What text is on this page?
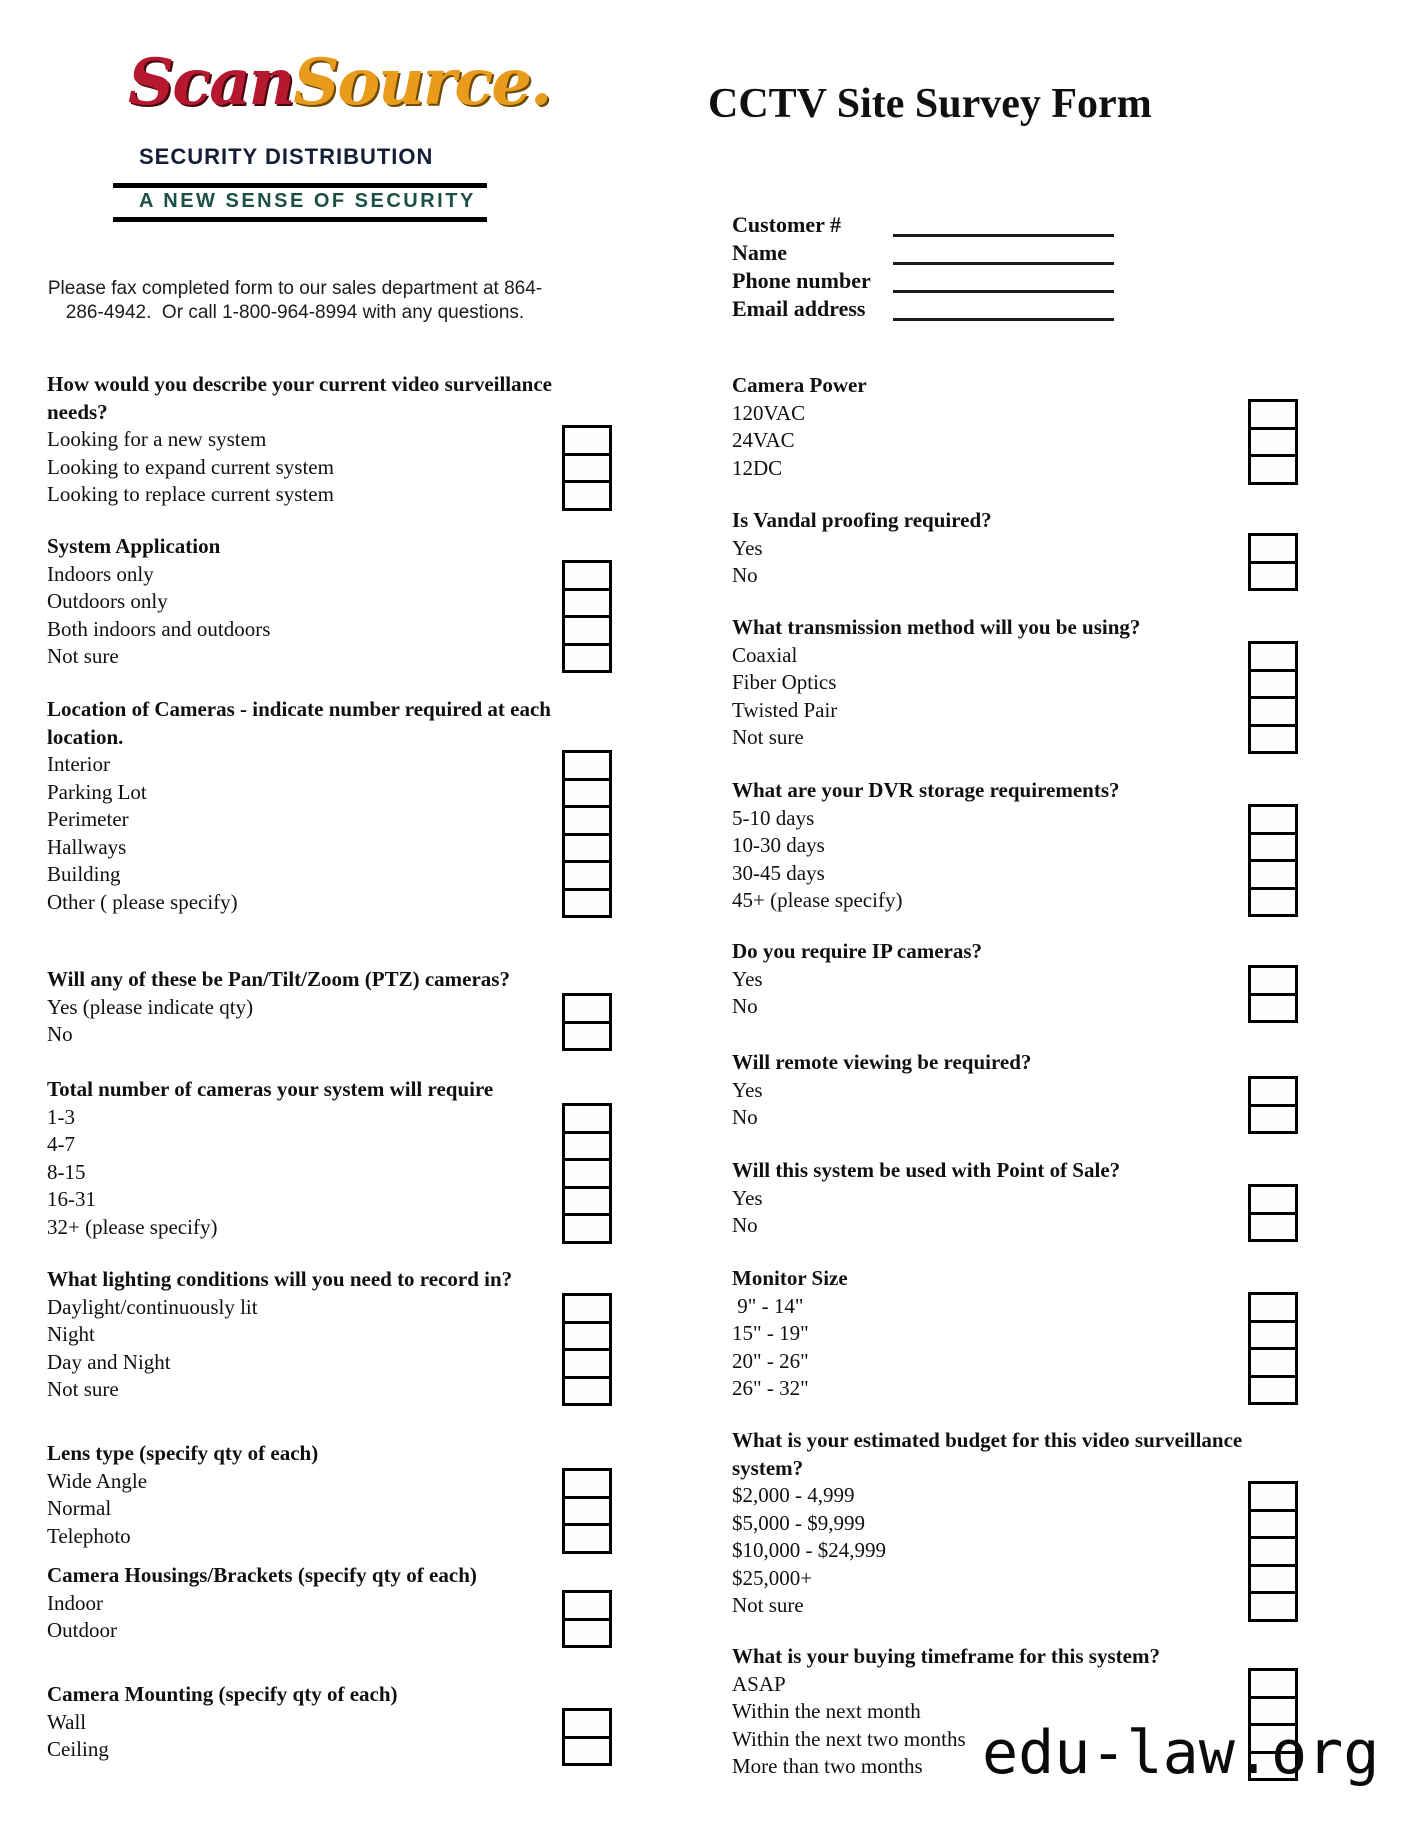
ScanSource.
SECURITY DISTRIBUTION
A NEW SENSE OF SECURITY
CCTV Site Survey Form
Please fax completed form to our sales department at 864-
286-4942.  Or call 1-800-964-8994 with any questions.
Customer #
Name
Phone number
Email address
How would you describe your current video surveillance
needs?
Looking for a new system
Looking to expand current system
Looking to replace current system
System Application
Indoors only
Outdoors only
Both indoors and outdoors
Not sure
Location of Cameras - indicate number required at each
location.
Interior
Parking Lot
Perimeter
Hallways
Building
Other ( please specify)
Will any of these be Pan/Tilt/Zoom (PTZ) cameras?
Yes (please indicate qty)
No
Total number of cameras your system will require
1-3
4-7
8-15
16-31
32+ (please specify)
What lighting conditions will you need to record in?
Daylight/continuously lit
Night
Day and Night
Not sure
Lens type (specify qty of each)
Wide Angle
Normal
Telephoto
Camera Housings/Brackets (specify qty of each)
Indoor
Outdoor
Camera Mounting (specify qty of each)
Wall
Ceiling
Camera Power
120VAC
24VAC
12DC
Is Vandal proofing required?
Yes
No
What transmission method will you be using?
Coaxial
Fiber Optics
Twisted Pair
Not sure
What are your DVR storage requirements?
5-10 days
10-30 days
30-45 days
45+ (please specify)
Do you require IP cameras?
Yes
No
Will remote viewing be required?
Yes
No
Will this system be used with Point of Sale?
Yes
No
Monitor Size
9" - 14"
15" - 19"
20" - 26"
26" - 32"
What is your estimated budget for this video surveillance
system?
$2,000 - 4,999
$5,000 - $9,999
$10,000 - $24,999
$25,000+
Not sure
What is your buying timeframe for this system?
ASAP
Within the next month
Within the next two months
More than two months edu-law.org
